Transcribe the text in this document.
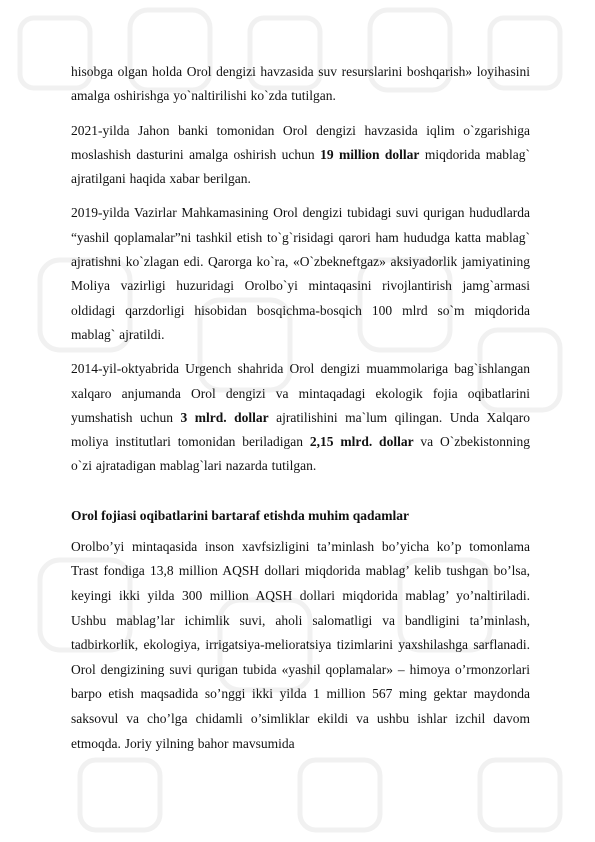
hisobga olgan holda Orol dengizi havzasida suv resurslarini boshqarish» loyihasini amalga oshirishga yo`naltirilishi ko`zda tutilgan.

2021-yilda Jahon banki tomonidan Orol dengizi havzasida iqlim o`zgarishiga moslashish dasturini amalga oshirish uchun 19 million dollar miqdorida mablag` ajratilgani haqida xabar berilgan.

2019-yilda Vazirlar Mahkamasining Orol dengizi tubidagi suvi qurigan hududlarda “yashil qoplamalar”ni tashkil etish to`g`risidagi qarori ham hududga katta mablag` ajratishni ko`zlagan edi. Qarorga ko`ra, «O`zbekneftgaz» aksiyadorlik jamiyatining Moliya vazirligi huzuridagi Orolbo`yi mintaqasini rivojlantirish jamg`armasi oldidagi qarzdorligi hisobidan bosqichma-bosqich 100 mlrd so`m miqdorida mablag` ajratildi.

2014-yil-oktyabrida Urgench shahrida Orol dengizi muammolariga bag`ishlangan xalqaro anjumanda Orol dengizi va mintaqadagi ekologik fojia oqibatlarini yumshatish uchun 3 mlrd. dollar ajratilishini ma`lum qilingan. Unda Xalqaro moliya institutlari tomonidan beriladigan 2,15 mlrd. dollar va O`zbekistonning o`zi ajratadigan mablag`lari nazarda tutilgan.

Orol fojiasi oqibatlarini bartaraf etishda muhim qadamlar

Orolbo’yi mintaqasida inson xavfsizligini ta’minlash bo’yicha ko’p tomonlama Trast fondiga 13,8 million AQSH dollari miqdorida mablag’ kelib tushgan bo’lsa, keyingi ikki yilda 300 million AQSH dollari miqdorida mablag’ yo’naltiriladi. Ushbu mablag’lar ichimlik suvi, aholi salomatligi va bandligini ta’minlash, tadbirkorlik, ekologiya, irrigatsiya-melioratsiya tizimlarini yaxshilashga sarflanadi. Orol dengizining suvi qurigan tubida «yashil qoplamalar» – himoya o’rmonzorlari barpo etish maqsadida so’nggi ikki yilda 1 million 567 ming gektar maydonda saksovul va cho’lga chidamli o’simliklar ekildi va ushbu ishlar izchil davom etmoqda. Joriy yilning bahor mavsumida
